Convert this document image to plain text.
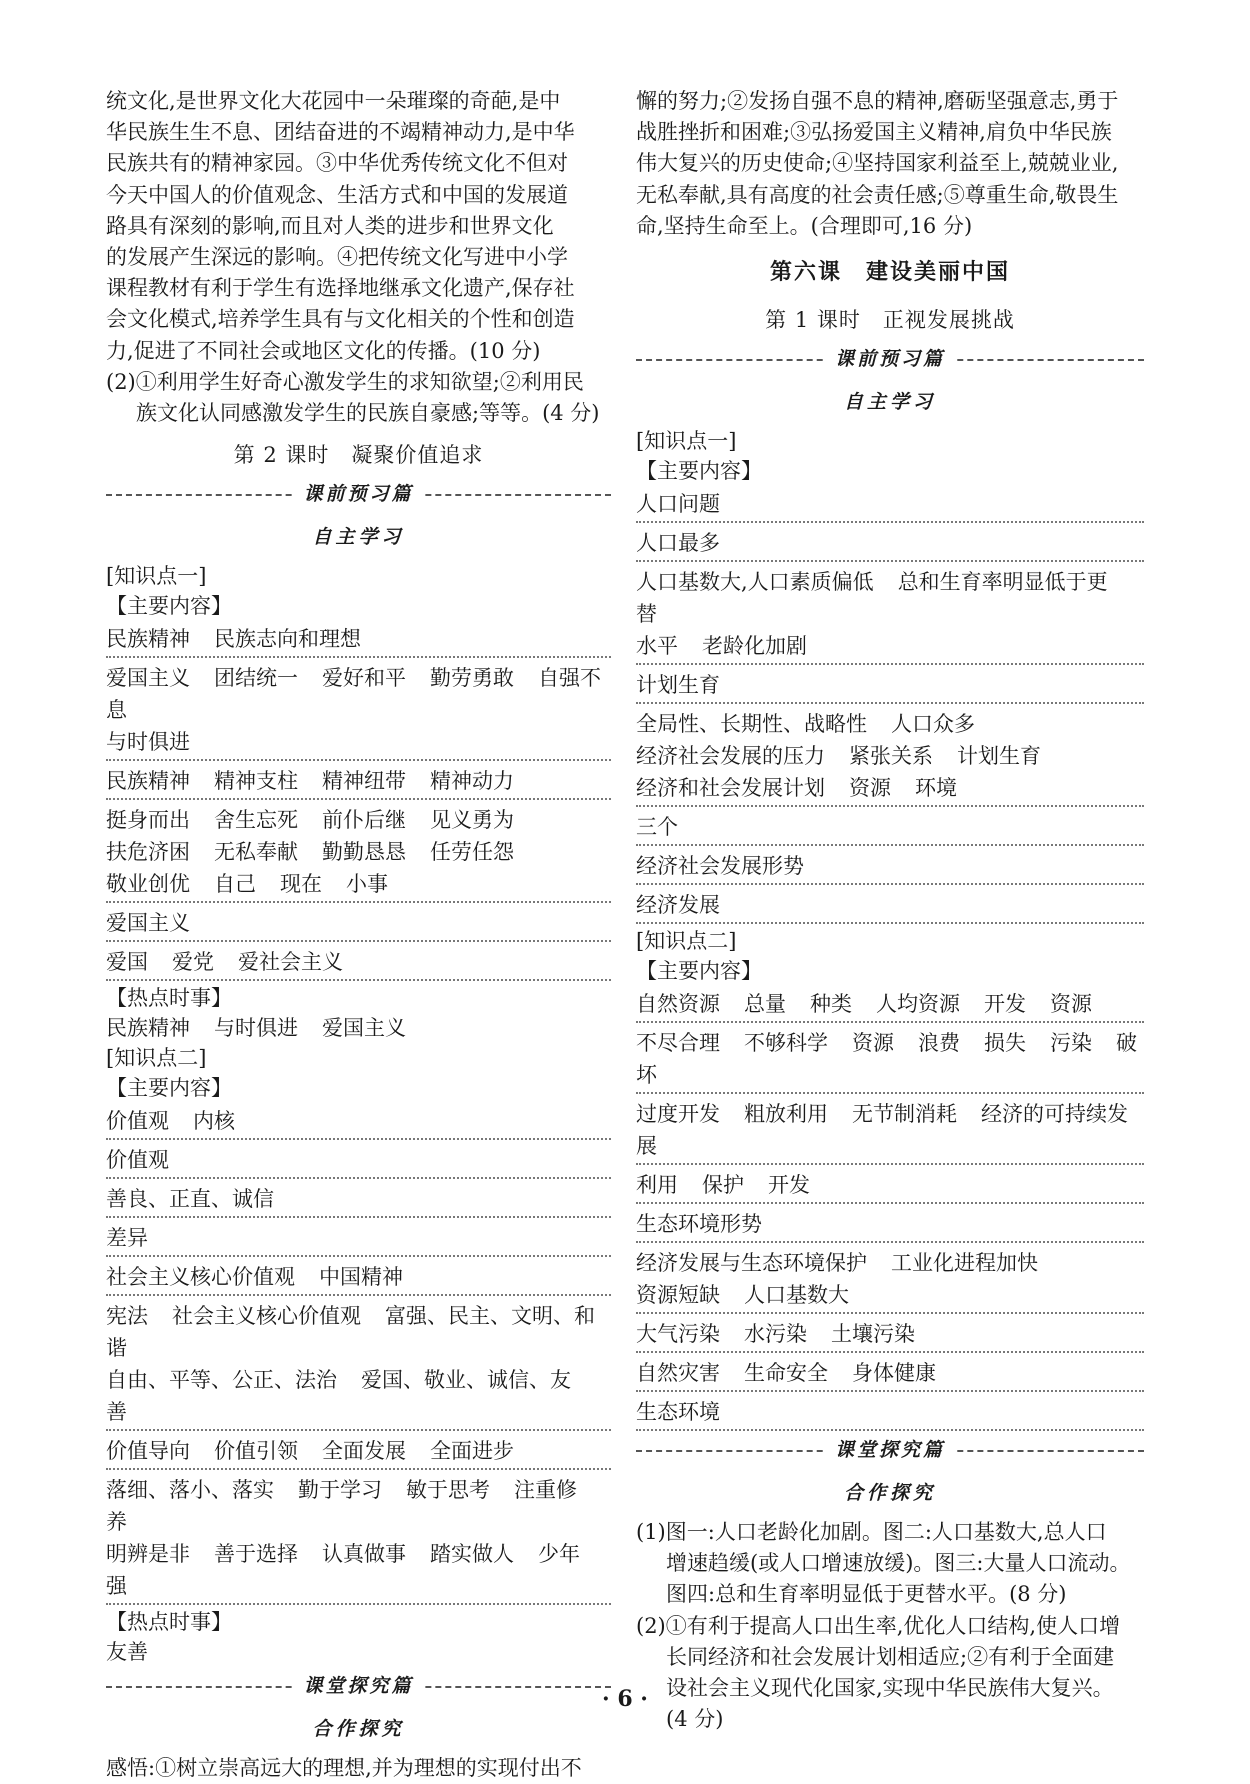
统文化,是世界文化大花园中一朵璀璨的奇葩,是中
华民族生生不息、团结奋进的不竭精神动力,是中华
民族共有的精神家园。③中华优秀传统文化不但对
今天中国人的价值观念、生活方式和中国的发展道
路具有深刻的影响,而且对人类的进步和世界文化
的发展产生深远的影响。④把传统文化写进中小学
课程教材有利于学生有选择地继承文化遗产,保存社
会文化模式,培养学生具有与文化相关的个性和创造
力,促进了不同社会或地区文化的传播。(10 分)
(2)①利用学生好奇心激发学生的求知欲望;②利用民
族文化认同感激发学生的民族自豪感;等等。(4 分)
第 2 课时　凝聚价值追求
课前预习篇
自主学习
[知识点一]
【主要内容】
民族精神 民族志向和理想
爱国主义 团结统一 爱好和平 勤劳勇敢 自强不息
与时俱进
民族精神 精神支柱 精神纽带 精神动力
挺身而出 舍生忘死 前仆后继 见义勇为
扶危济困 无私奉献 勤勤恳恳 任劳任怨
敬业创优 自己 现在 小事
爱国主义
爱国 爱党 爱社会主义
【热点时事】
民族精神 与时俱进 爱国主义
[知识点二]
【主要内容】
价值观 内核
价值观
善良、正直、诚信
差异
社会主义核心价值观 中国精神
宪法 社会主义核心价值观 富强、民主、文明、和谐
自由、平等、公正、法治 爱国、敬业、诚信、友善
价值导向 价值引领 全面发展 全面进步
落细、落小、落实 勤于学习 敏于思考 注重修养
明辨是非 善于选择 认真做事 踏实做人 少年强
【热点时事】
友善
课堂探究篇
合作探究
感悟:①树立崇高远大的理想,并为理想的实现付出不
懈的努力;②发扬自强不息的精神,磨砺坚强意志,勇于
战胜挫折和困难;③弘扬爱国主义精神,肩负中华民族
伟大复兴的历史使命;④坚持国家利益至上,兢兢业业,
无私奉献,具有高度的社会责任感;⑤尊重生命,敬畏生
命,坚持生命至上。(合理即可,16 分)
第六课　建设美丽中国
第 1 课时　正视发展挑战
课前预习篇
自主学习
[知识点一]
【主要内容】
人口问题
人口最多
人口基数大,人口素质偏低 总和生育率明显低于更替
水平 老龄化加剧
计划生育
全局性、长期性、战略性 人口众多
经济社会发展的压力 紧张关系 计划生育
经济和社会发展计划 资源 环境
三个
经济社会发展形势
经济发展
[知识点二]
【主要内容】
自然资源 总量 种类 人均资源 开发 资源
不尽合理 不够科学 资源 浪费 损失 污染 破坏
过度开发 粗放利用 无节制消耗 经济的可持续发展
利用 保护 开发
生态环境形势
经济发展与生态环境保护 工业化进程加快
资源短缺 人口基数大
大气污染 水污染 土壤污染
自然灾害 生命安全 身体健康
生态环境
课堂探究篇
合作探究
(1)图一:人口老龄化加剧。图二:人口基数大,总人口
增速趋缓(或人口增速放缓)。图三:大量人口流动。
图四:总和生育率明显低于更替水平。(8 分)
(2)①有利于提高人口出生率,优化人口结构,使人口增
长同经济和社会发展计划相适应;②有利于全面建
设社会主义现代化国家,实现中华民族伟大复兴。
(4 分)
· 6 ·
